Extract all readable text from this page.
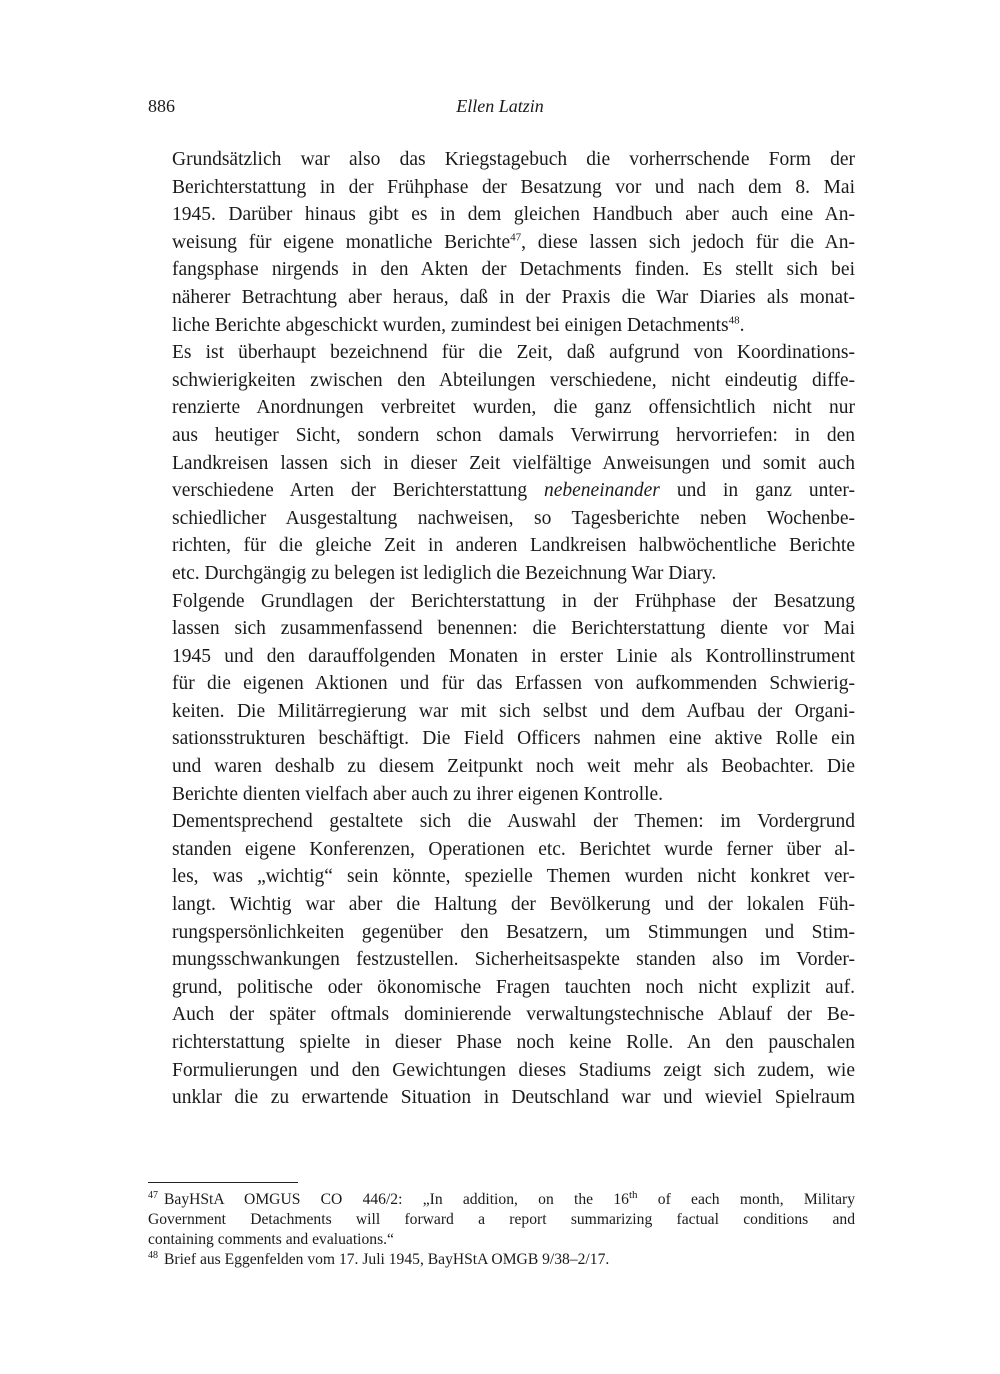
886	Ellen Latzin

Grundsätzlich war also das Kriegstagebuch die vorherrschende Form der
Berichterstattung in der Frühphase der Besatzung vor und nach dem 8. Mai
1945. Darüber hinaus gibt es in dem gleichen Handbuch aber auch eine An-
weisung für eigene monatliche Berichte$^{47}$, diese lassen sich jedoch für die An-
fangsphase nirgends in den Akten der Detachments finden. Es stellt sich bei
näherer Betrachtung aber heraus, daß in der Praxis die War Diaries als monat-
liche Berichte abgeschickt wurden, zumindest bei einigen Detachments$^{48}$.

Es ist überhaupt bezeichnend für die Zeit, daß aufgrund von Koordinations-
schwierigkeiten zwischen den Abteilungen verschiedene, nicht eindeutig diffe-
renzierte Anordnungen verbreitet wurden, die ganz offensichtlich nicht nur
aus heutiger Sicht, sondern schon damals Verwirrung hervorriefen: in den
Landkreisen lassen sich in dieser Zeit vielfältige Anweisungen und somit auch
verschiedene Arten der Berichterstattung nebeneinander und in ganz unter-
schiedlicher Ausgestaltung nachweisen, so Tagesberichte neben Wochenbe-
richten, für die gleiche Zeit in anderen Landkreisen halbwöchentliche Berichte
etc. Durchgängig zu belegen ist lediglich die Bezeichnung War Diary.

Folgende Grundlagen der Berichterstattung in der Frühphase der Besatzung
lassen sich zusammenfassend benennen: die Berichterstattung diente vor Mai
1945 und den darauffolgenden Monaten in erster Linie als Kontrollinstrument
für die eigenen Aktionen und für das Erfassen von aufkommenden Schwierig-
keiten. Die Militärregierung war mit sich selbst und dem Aufbau der Organi-
sationsstrukturen beschäftigt. Die Field Officers nahmen eine aktive Rolle ein
und waren deshalb zu diesem Zeitpunkt noch weit mehr als Beobachter. Die
Berichte dienten vielfach aber auch zu ihrer eigenen Kontrolle.

Dementsprechend gestaltete sich die Auswahl der Themen: im Vordergrund
standen eigene Konferenzen, Operationen etc. Berichtet wurde ferner über al-
les, was „wichtig“ sein könnte, spezielle Themen wurden nicht konkret ver-
langt. Wichtig war aber die Haltung der Bevölkerung und der lokalen Füh-
rungspersönlichkeiten gegenüber den Besatzern, um Stimmungen und Stim-
mungsschwankungen festzustellen. Sicherheitsaspekte standen also im Vorder-
grund, politische oder ökonomische Fragen tauchten noch nicht explizit auf.
Auch der später oftmals dominierende verwaltungstechnische Ablauf der Be-
richterstattung spielte in dieser Phase noch keine Rolle. An den pauschalen
Formulierungen und den Gewichtungen dieses Stadiums zeigt sich zudem, wie
unklar die zu erwartende Situation in Deutschland war und wieviel Spielraum

$^{47}$ BayHStA OMGUS CO 446/2: „In addition, on the 16th of each month, Military
Government Detachments will forward a report summarizing factual conditions and
containing comments and evaluations.“
$^{48}$ Brief aus Eggenfelden vom 17. Juli 1945, BayHStA OMGB 9/38–2/17.
